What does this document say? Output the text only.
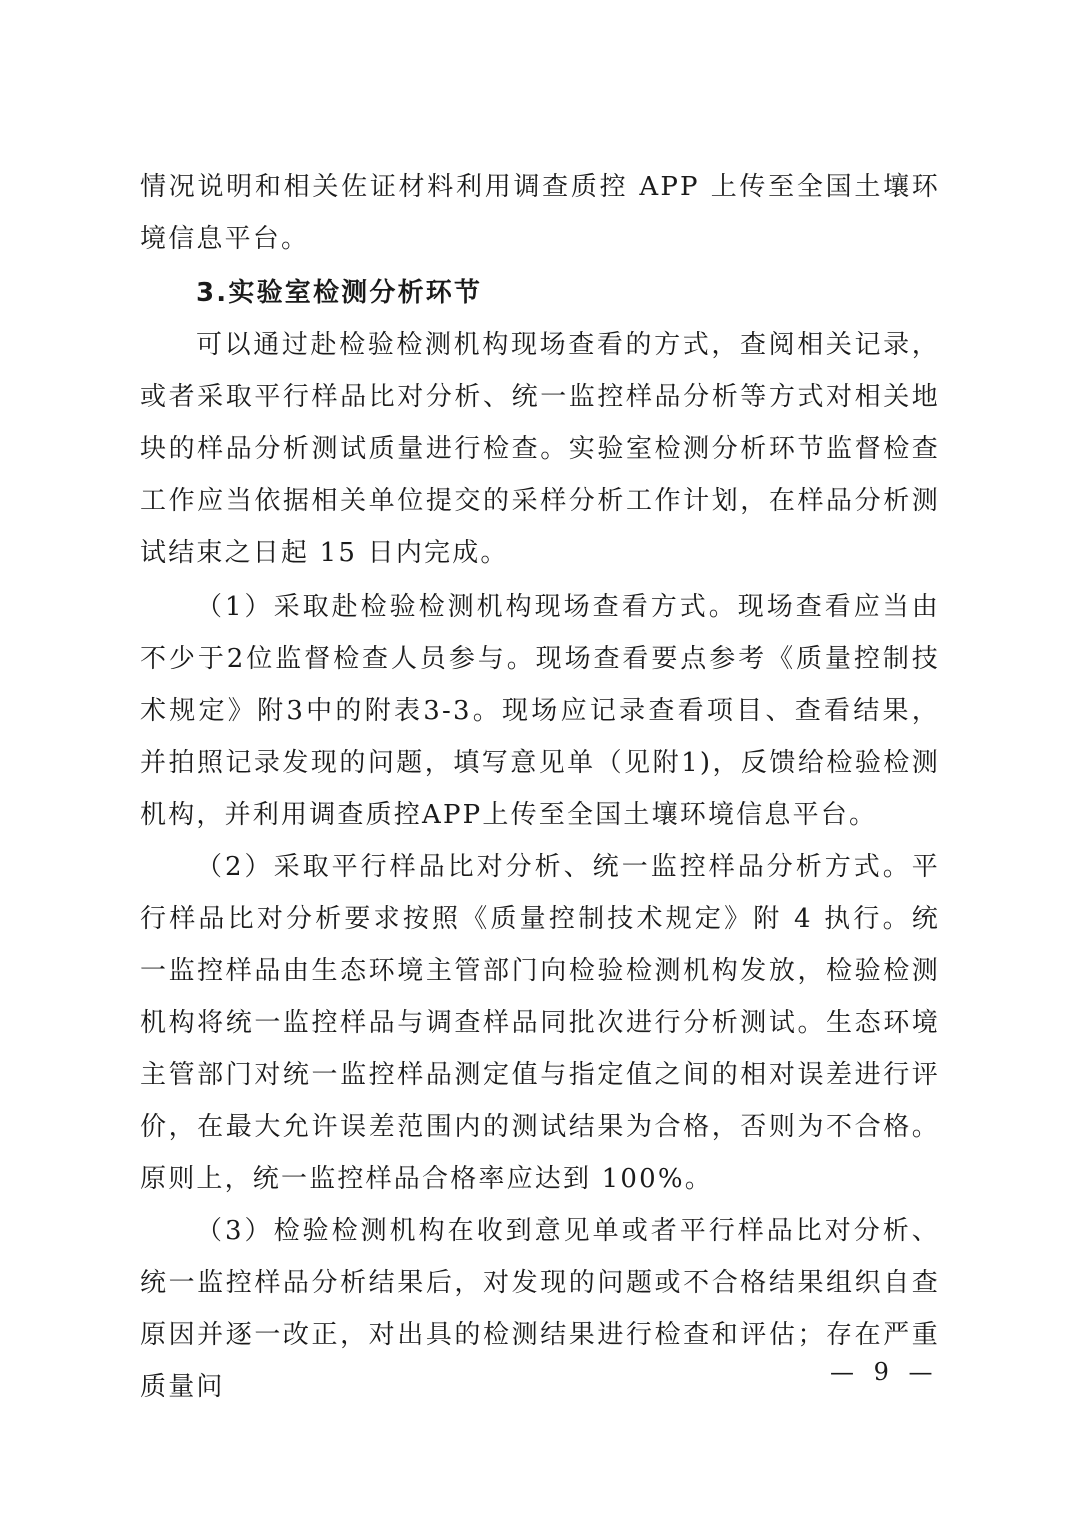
情况说明和相关佐证材料利用调查质控 APP 上传至全国土壤环境信息平台。

3.实验室检测分析环节

可以通过赴检验检测机构现场查看的方式，查阅相关记录，或者采取平行样品比对分析、统一监控样品分析等方式对相关地块的样品分析测试质量进行检查。实验室检测分析环节监督检查工作应当依据相关单位提交的采样分析工作计划，在样品分析测试结束之日起 15 日内完成。

（1）采取赴检验检测机构现场查看方式。现场查看应当由不少于2位监督检查人员参与。现场查看要点参考《质量控制技术规定》附3中的附表3-3。现场应记录查看项目、查看结果，并拍照记录发现的问题，填写意见单（见附1)，反馈给检验检测机构，并利用调查质控APP上传至全国土壤环境信息平台。

（2）采取平行样品比对分析、统一监控样品分析方式。平行样品比对分析要求按照《质量控制技术规定》附 4 执行。统一监控样品由生态环境主管部门向检验检测机构发放，检验检测机构将统一监控样品与调查样品同批次进行分析测试。生态环境主管部门对统一监控样品测定值与指定值之间的相对误差进行评价，在最大允许误差范围内的测试结果为合格，否则为不合格。原则上，统一监控样品合格率应达到 100%。

（3）检验检测机构在收到意见单或者平行样品比对分析、统一监控样品分析结果后，对发现的问题或不合格结果组织自查原因并逐一改正，对出具的检测结果进行检查和评估；存在严重质量问	— 9 —
